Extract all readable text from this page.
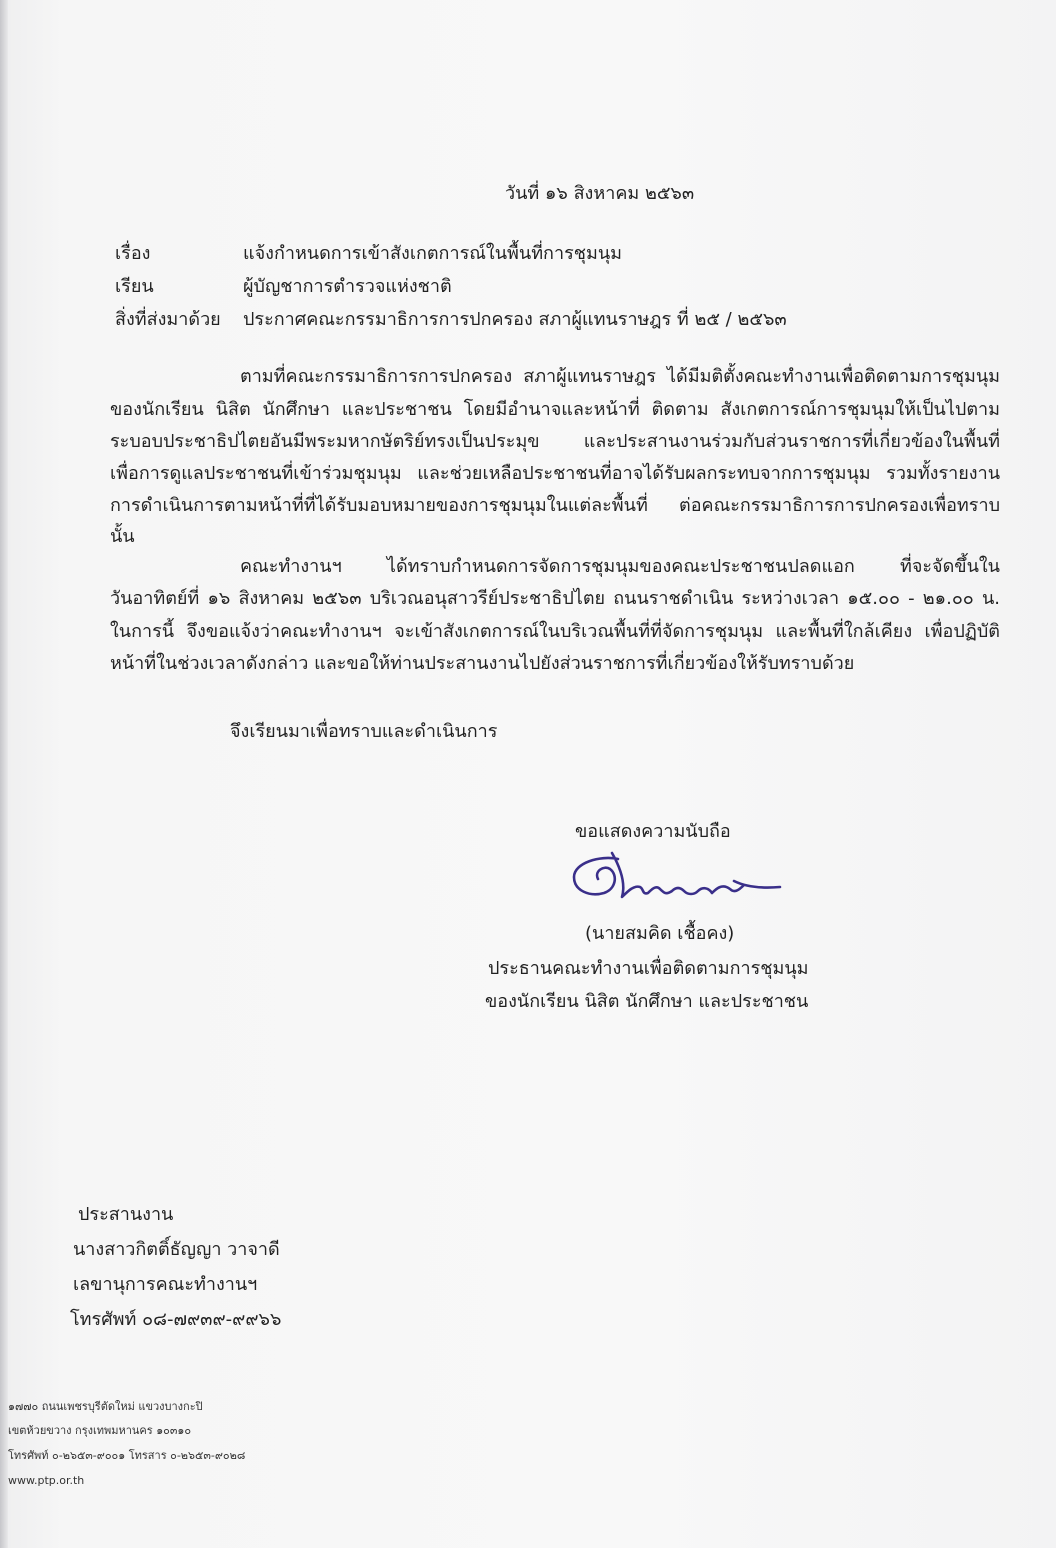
วันที่ ๑๖ สิงหาคม ๒๕๖๓
เรื่อง	แจ้งกำหนดการเข้าสังเกตการณ์ในพื้นที่การชุมนุม
เรียน	ผู้บัญชาการตำรวจแห่งชาติ
สิ่งที่ส่งมาด้วย ประกาศคณะกรรมาธิการการปกครอง สภาผู้แทนราษฎร ที่ ๒๕ / ๒๕๖๓
ตามที่คณะกรรมาธิการการปกครอง สภาผู้แทนราษฎร ได้มีมติตั้งคณะทำงานเพื่อติดตามการชุมนุม
ของนักเรียน นิสิต นักศึกษา และประชาชน โดยมีอำนาจและหน้าที่ ติดตาม สังเกตการณ์การชุมนุมให้เป็นไปตาม
ระบอบประชาธิปไตยอันมีพระมหากษัตริย์ทรงเป็นประมุข และประสานงานร่วมกับส่วนราชการที่เกี่ยวข้องในพื้นที่
เพื่อการดูแลประชาชนที่เข้าร่วมชุมนุม และช่วยเหลือประชาชนที่อาจได้รับผลกระทบจากการชุมนุม รวมทั้งรายงาน
การดำเนินการตามหน้าที่ที่ได้รับมอบหมายของการชุมนุมในแต่ละพื้นที่ ต่อคณะกรรมาธิการการปกครองเพื่อทราบ
นั้น
คณะทำงานฯ ได้ทราบกำหนดการจัดการชุมนุมของคณะประชาชนปลดแอก ที่จะจัดขึ้นใน
วันอาทิตย์ที่ ๑๖ สิงหาคม ๒๕๖๓ บริเวณอนุสาวรีย์ประชาธิปไตย ถนนราชดำเนิน ระหว่างเวลา ๑๕.๐๐ - ๒๑.๐๐ น.
ในการนี้ จึงขอแจ้งว่าคณะทำงานฯ จะเข้าสังเกตการณ์ในบริเวณพื้นที่ที่จัดการชุมนุม และพื้นที่ใกล้เคียง เพื่อปฏิบัติ
หน้าที่ในช่วงเวลาดังกล่าว และขอให้ท่านประสานงานไปยังส่วนราชการที่เกี่ยวข้องให้รับทราบด้วย
จึงเรียนมาเพื่อทราบและดำเนินการ
ขอแสดงความนับถือ
(นายสมคิด เชื้อคง)
ประธานคณะทำงานเพื่อติดตามการชุมนุม
ของนักเรียน นิสิต นักศึกษา และประชาชน
ประสานงาน
นางสาวกิตติ์ธัญญา วาจาดี
เลขานุการคณะทำงานฯ
โทรศัพท์ ๐๘-๗๙๓๙-๙๙๖๖
๑๗๗๐ ถนนเพชรบุรีตัดใหม่ แขวงบางกะปิ
เขตห้วยขวาง กรุงเทพมหานคร ๑๐๓๑๐
โทรศัพท์ ๐-๒๖๕๓-๙๐๐๑ โทรสาร ๐-๒๖๕๓-๙๐๒๘
www.ptp.or.th
